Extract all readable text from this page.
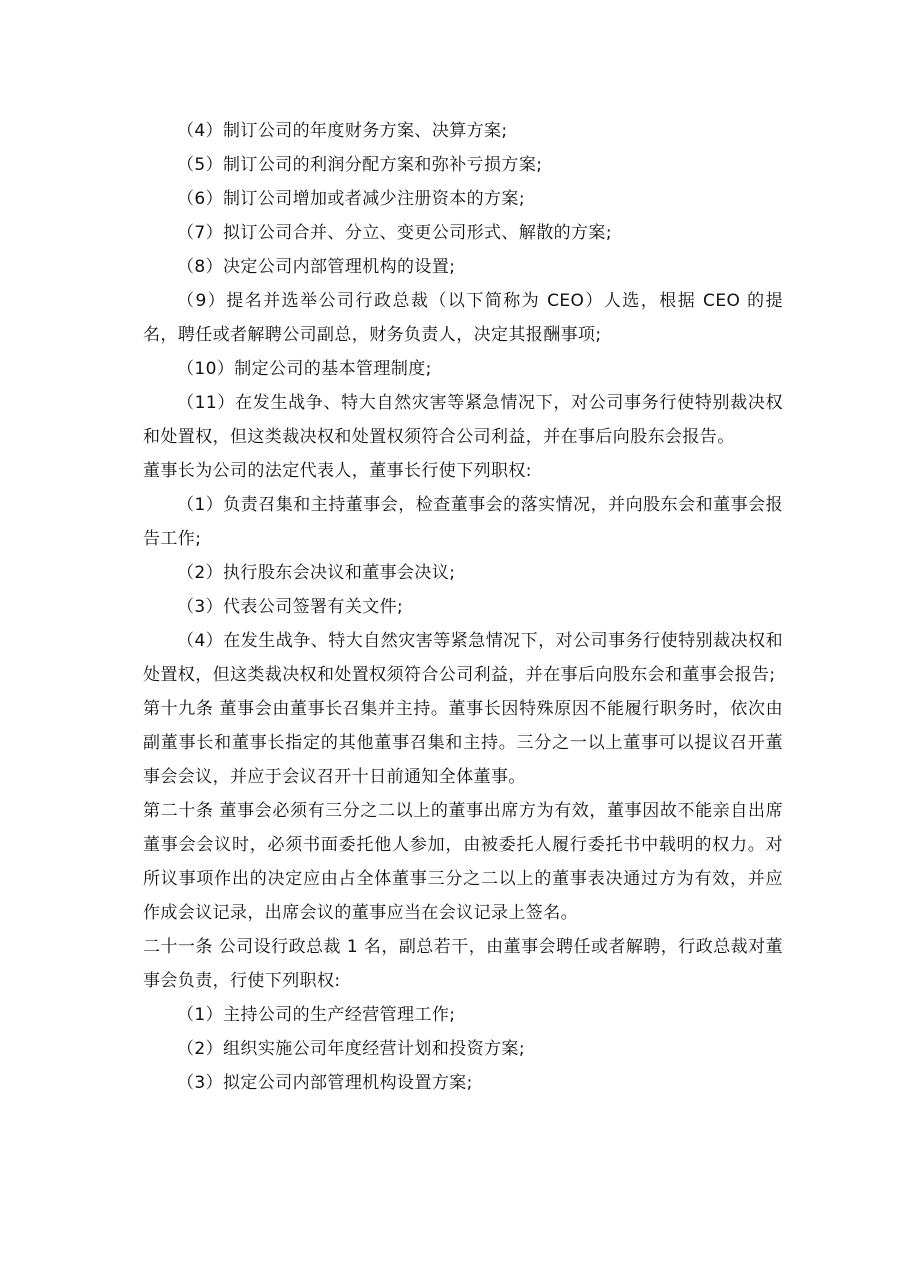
（4）制订公司的年度财务方案、决算方案;

（5）制订公司的利润分配方案和弥补亏损方案;

（6）制订公司增加或者减少注册资本的方案;

（7）拟订公司合并、分立、变更公司形式、解散的方案;

（8）决定公司内部管理机构的设置;

（9）提名并选举公司行政总裁（以下简称为 CEO）人选，根据 CEO 的提名，聘任或者解聘公司副总，财务负责人，决定其报酬事项;

（10）制定公司的基本管理制度;

（11）在发生战争、特大自然灾害等紧急情况下，对公司事务行使特别裁决权和处置权，但这类裁决权和处置权须符合公司利益，并在事后向股东会报告。

董事长为公司的法定代表人，董事长行使下列职权:

（1）负责召集和主持董事会，检查董事会的落实情况，并向股东会和董事会报告工作;

（2）执行股东会决议和董事会决议;

（3）代表公司签署有关文件;

（4）在发生战争、特大自然灾害等紧急情况下，对公司事务行使特别裁决权和处置权，但这类裁决权和处置权须符合公司利益，并在事后向股东会和董事会报告;

第十九条 董事会由董事长召集并主持。董事长因特殊原因不能履行职务时，依次由副董事长和董事长指定的其他董事召集和主持。三分之一以上董事可以提议召开董事会会议，并应于会议召开十日前通知全体董事。

第二十条 董事会必须有三分之二以上的董事出席方为有效，董事因故不能亲自出席董事会会议时，必须书面委托他人参加，由被委托人履行委托书中载明的权力。对所议事项作出的决定应由占全体董事三分之二以上的董事表决通过方为有效，并应作成会议记录，出席会议的董事应当在会议记录上签名。

二十一条 公司设行政总裁 1 名，副总若干，由董事会聘任或者解聘，行政总裁对董事会负责，行使下列职权:

（1）主持公司的生产经营管理工作;

（2）组织实施公司年度经营计划和投资方案;

（3）拟定公司内部管理机构设置方案;
